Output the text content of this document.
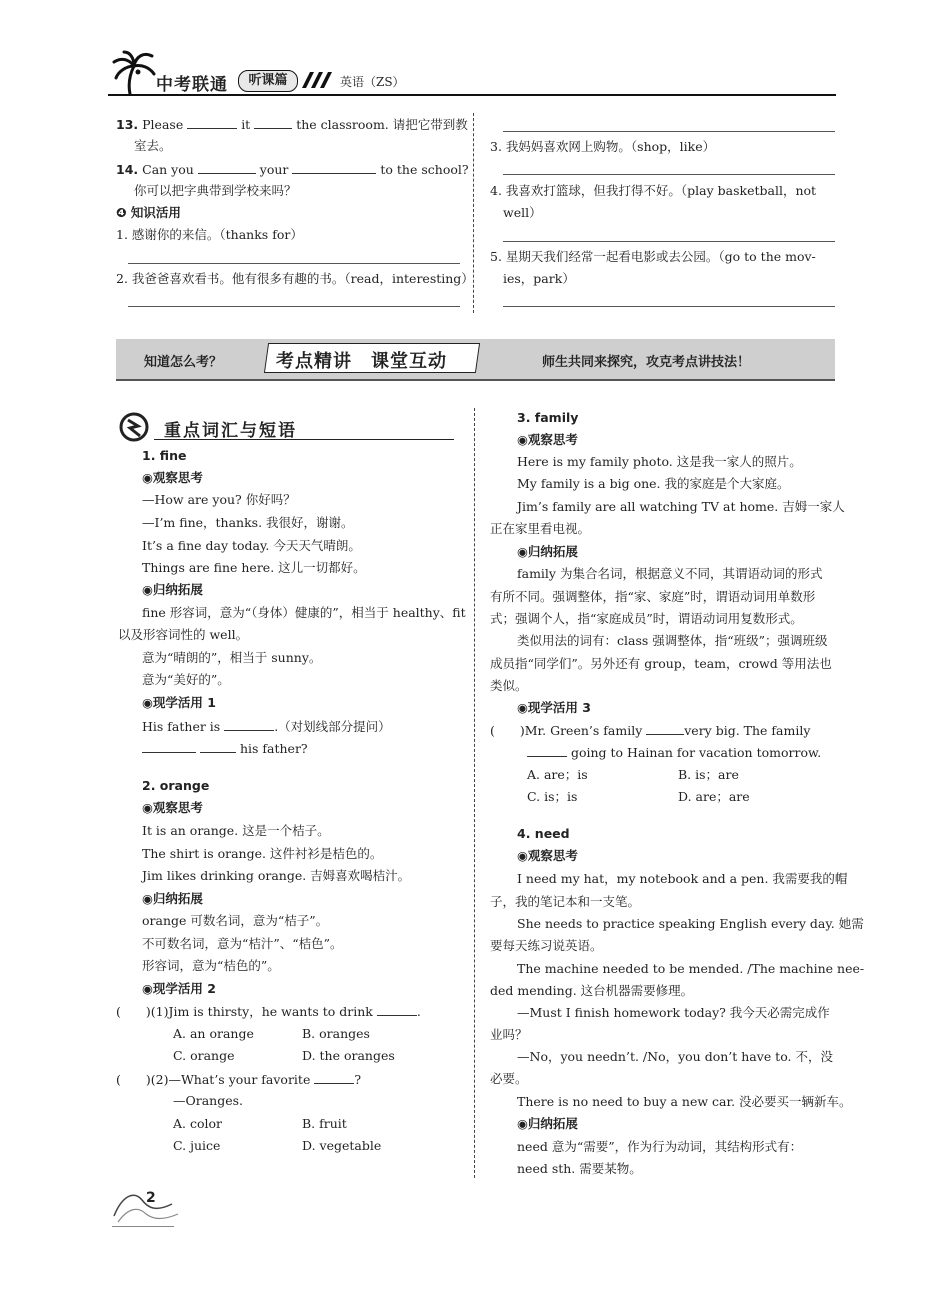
中考联通	听课篇	英语（ZS）
13. Please	it	the classroom. 请把它带到教
室去。
14. Can you	your	to the school?
你可以把字典带到学校来吗？
❹ 知识活用
1. 感谢你的来信。（thanks for）
2. 我爸爸喜欢看书。他有很多有趣的书。（read，interesting）
3. 我妈妈喜欢网上购物。（shop，like）
4. 我喜欢打篮球，但我打得不好。（play basketball，not
well）
5. 星期天我们经常一起看电影或去公园。（go to the mov-
ies，park）
知道怎么考？	考点精讲　课堂互动	师生共同来探究，攻克考点讲技法！
重点词汇与短语
1. fine
◉观察思考
—How are you? 你好吗？
—I’m fine，thanks. 我很好，谢谢。
It’s a fine day today. 今天天气晴朗。
Things are fine here. 这儿一切都好。
◉归纳拓展
fine 形容词，意为“（身体）健康的”，相当于 healthy、fit
以及形容词性的 well。
意为“晴朗的”，相当于 sunny。
意为“美好的”。
◉现学活用 1
His father is	.（对划线部分提问）
his father?
2. orange
◉观察思考
It is an orange. 这是一个桔子。
The shirt is orange. 这件衬衫是桔色的。
Jim likes drinking orange. 吉姆喜欢喝桔汁。
◉归纳拓展
orange 可数名词，意为“桔子”。
不可数名词，意为“桔汁”、“桔色”。
形容词，意为“桔色的”。
◉现学活用 2
(　　)(1)Jim is thirsty，he wants to drink	.
A. an orange	B. oranges
C. orange	D. the oranges
(　　)(2)—What’s your favorite	?
—Oranges.
A. color	B. fruit
C. juice	D. vegetable
3. family
◉观察思考
Here is my family photo. 这是我一家人的照片。
My family is a big one. 我的家庭是个大家庭。
Jim’s family are all watching TV at home. 吉姆一家人
正在家里看电视。
◉归纳拓展
family 为集合名词，根据意义不同，其谓语动词的形式
有所不同。强调整体，指“家、家庭”时，谓语动词用单数形
式；强调个人，指“家庭成员”时，谓语动词用复数形式。
类似用法的词有：class 强调整体，指“班级”；强调班级
成员指“同学们”。另外还有 group，team，crowd 等用法也
类似。
◉现学活用 3
(　　)Mr. Green’s family	very big. The family
going to Hainan for vacation tomorrow.
A. are；is	B. is；are
C. is；is	D. are；are
4. need
◉观察思考
I need my hat，my notebook and a pen. 我需要我的帽
子，我的笔记本和一支笔。
She needs to practice speaking English every day. 她需
要每天练习说英语。
The machine needed to be mended. /The machine nee-
ded mending. 这台机器需要修理。
—Must I finish homework today? 我今天必需完成作
业吗？
—No，you needn’t. /No，you don’t have to. 不，没
必要。
There is no need to buy a new car. 没必要买一辆新车。
◉归纳拓展
need 意为“需要”，作为行为动词，其结构形式有：
need sth. 需要某物。
2
